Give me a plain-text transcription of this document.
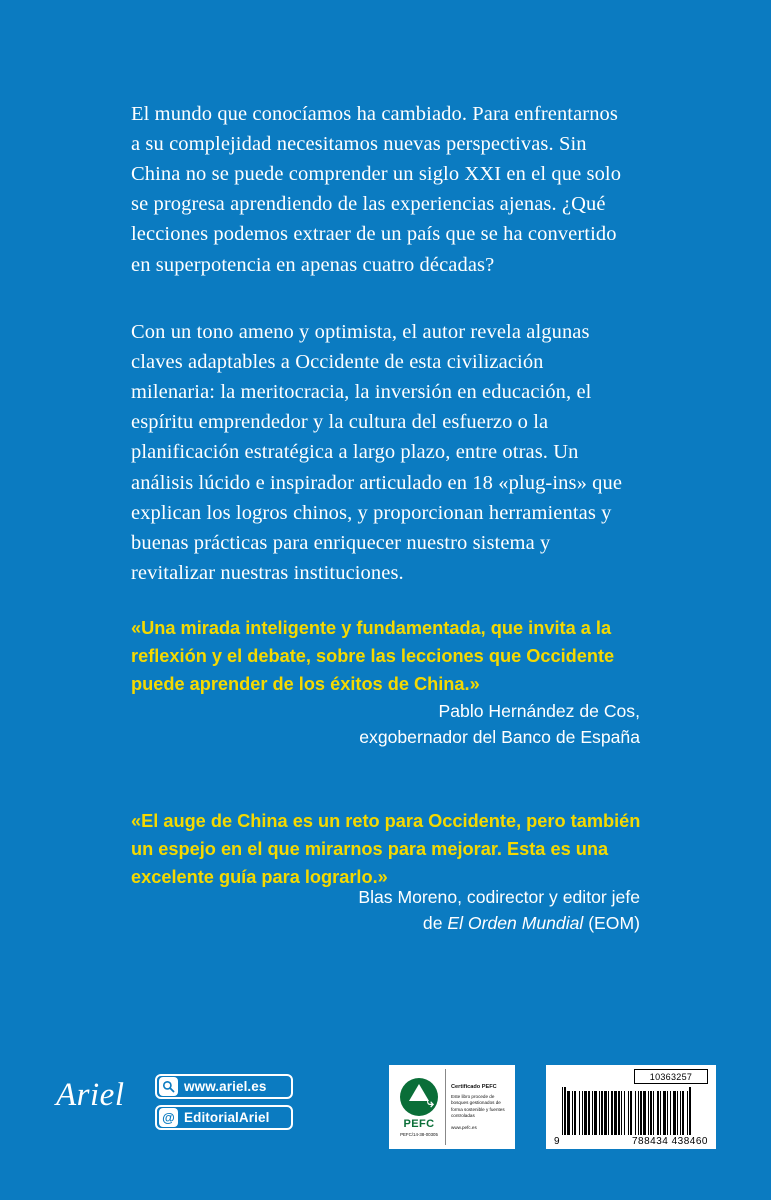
El mundo que conocíamos ha cambiado. Para enfrentarnos a su complejidad necesitamos nuevas perspectivas. Sin China no se puede comprender un siglo XXI en el que solo se progresa aprendiendo de las experiencias ajenas. ¿Qué lecciones podemos extraer de un país que se ha convertido en superpotencia en apenas cuatro décadas?

Con un tono ameno y optimista, el autor revela algunas claves adaptables a Occidente de esta civilización milenaria: la meritocracia, la inversión en educación, el espíritu emprendedor y la cultura del esfuerzo o la planificación estratégica a largo plazo, entre otras. Un análisis lúcido e inspirador articulado en 18 «plug-ins» que explican los logros chinos, y proporcionan herramientas y buenas prácticas para enriquecer nuestro sistema y revitalizar nuestras instituciones.

«Una mirada inteligente y fundamentada, que invita a la reflexión y el debate, sobre las lecciones que Occidente puede aprender de los éxitos de China.»

Pablo Hernández de Cos,
exgobernador del Banco de España

«El auge de China es un reto para Occidente, pero también un espejo en el que mirarnos para mejorar. Esta es una excelente guía para lograrlo.»

Blas Moreno, codirector y editor jefe
de El Orden Mundial (EOM)
Ariel	www.ariel.es
@ EditorialAriel
⤷
PEFC
PEFC/14-38-00305
Certificado PEFC
Este libro procede de bosques gestionados de forma sostenible y fuentes controladas
www.pefc.es
10363257
9	788434 438460
